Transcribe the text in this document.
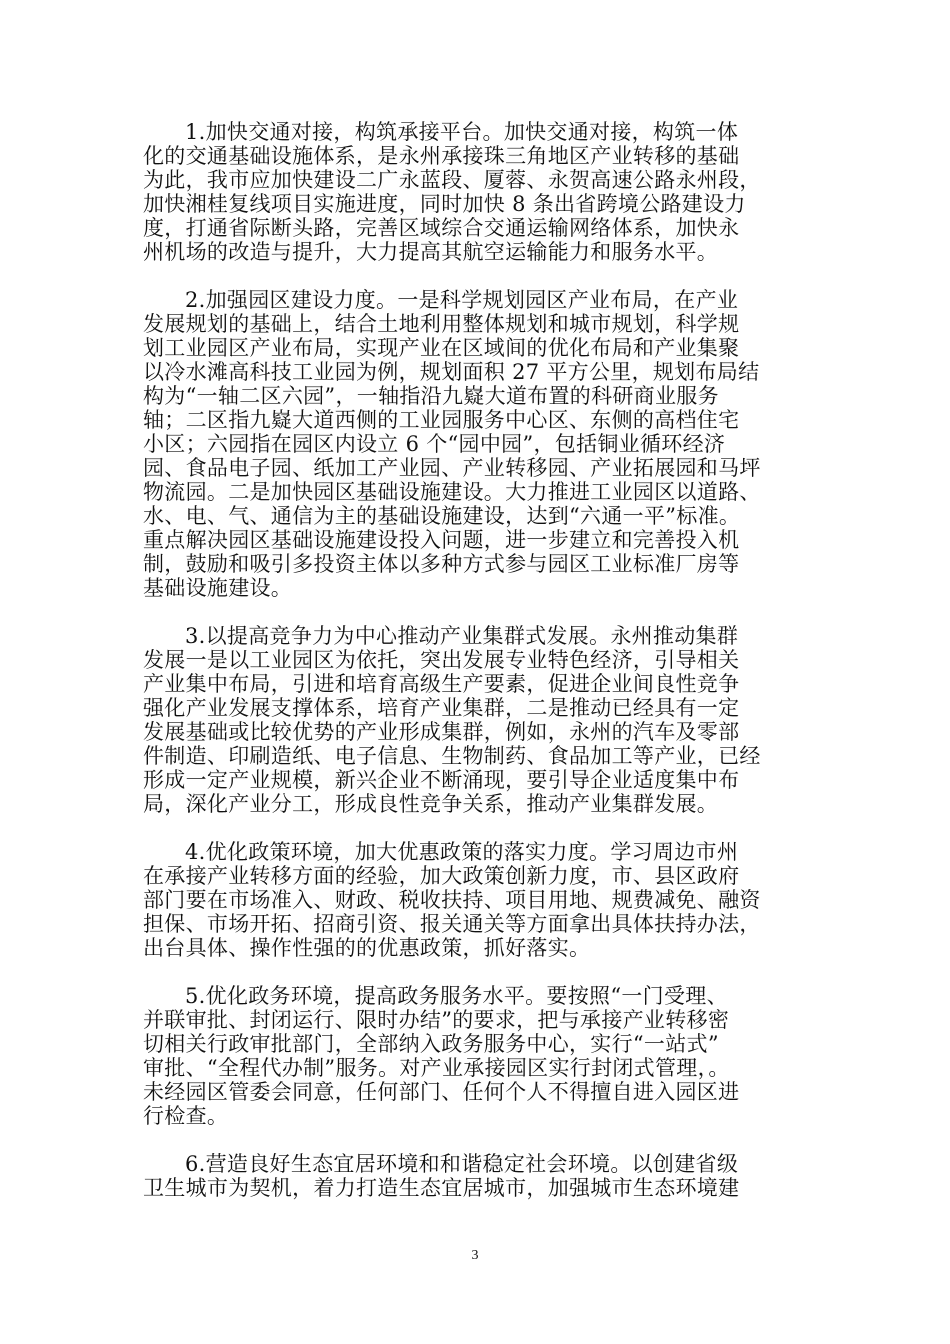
1.加快交通对接，构筑承接平台。加快交通对接，构筑一体
化的交通基础设施体系，是永州承接珠三角地区产业转移的基础
为此，我市应加快建设二广永蓝段、厦蓉、永贺高速公路永州段，
加快湘桂复线项目实施进度，同时加快 8 条出省跨境公路建设力
度，打通省际断头路，完善区域综合交通运输网络体系，加快永
州机场的改造与提升，大力提高其航空运输能力和服务水平。
2.加强园区建设力度。一是科学规划园区产业布局，在产业
发展规划的基础上，结合土地利用整体规划和城市规划，科学规
划工业园区产业布局，实现产业在区域间的优化布局和产业集聚
以冷水滩高科技工业园为例，规划面积 27 平方公里，规划布局结
构为“一轴二区六园”，一轴指沿九嶷大道布置的科研商业服务
轴；二区指九嶷大道西侧的工业园服务中心区、东侧的高档住宅
小区；六园指在园区内设立 6 个“园中园”，包括铜业循环经济
园、食品电子园、纸加工产业园、产业转移园、产业拓展园和马坪
物流园。二是加快园区基础设施建设。大力推进工业园区以道路、
水、电、气、通信为主的基础设施建设，达到“六通一平”标准。
重点解决园区基础设施建设投入问题，进一步建立和完善投入机
制，鼓励和吸引多投资主体以多种方式参与园区工业标准厂房等
基础设施建设。
3.以提高竞争力为中心推动产业集群式发展。永州推动集群
发展一是以工业园区为依托，突出发展专业特色经济，引导相关
产业集中布局，引进和培育高级生产要素，促进企业间良性竞争
强化产业发展支撑体系，培育产业集群，二是推动已经具有一定
发展基础或比较优势的产业形成集群，例如，永州的汽车及零部
件制造、印刷造纸、电子信息、生物制药、食品加工等产业，已经
形成一定产业规模，新兴企业不断涌现，要引导企业适度集中布
局，深化产业分工，形成良性竞争关系，推动产业集群发展。
4.优化政策环境，加大优惠政策的落实力度。学习周边市州
在承接产业转移方面的经验，加大政策创新力度，市、县区政府
部门要在市场准入、财政、税收扶持、项目用地、规费减免、融资
担保、市场开拓、招商引资、报关通关等方面拿出具体扶持办法，
出台具体、操作性强的的优惠政策，抓好落实。
5.优化政务环境，提高政务服务水平。要按照“一门受理、
并联审批、封闭运行、限时办结”的要求，把与承接产业转移密
切相关行政审批部门，全部纳入政务服务中心，实行“一站式”
审批、“全程代办制”服务。对产业承接园区实行封闭式管理，。
未经园区管委会同意，任何部门、任何个人不得擅自进入园区进
行检查。
6.营造良好生态宜居环境和和谐稳定社会环境。以创建省级
卫生城市为契机，着力打造生态宜居城市，加强城市生态环境建
3
